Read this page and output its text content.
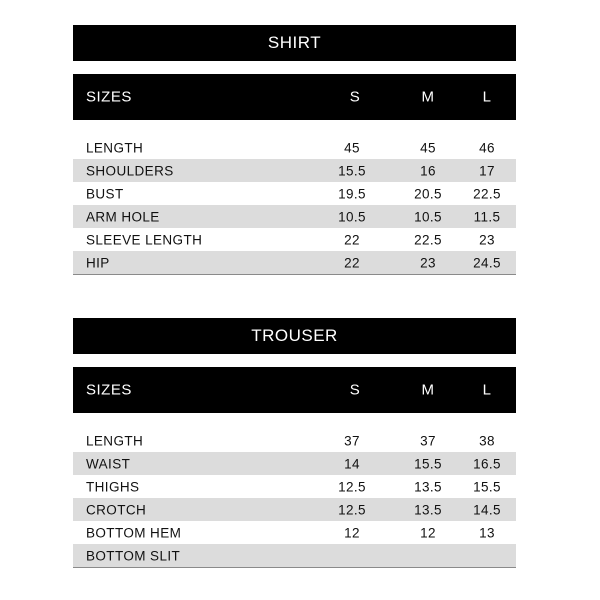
SHIRT
SIZES	S	M	L
LENGTH	45	45	46
SHOULDERS	15.5	16	17
BUST	19.5	20.5	22.5
ARM HOLE	10.5	10.5	11.5
SLEEVE LENGTH	22	22.5	23
HIP	22	23	24.5
TROUSER
SIZES	S	M	L
LENGTH	37	37	38
WAIST	14	15.5	16.5
THIGHS	12.5	13.5	15.5
CROTCH	12.5	13.5	14.5
BOTTOM HEM	12	12	13
BOTTOM SLIT
